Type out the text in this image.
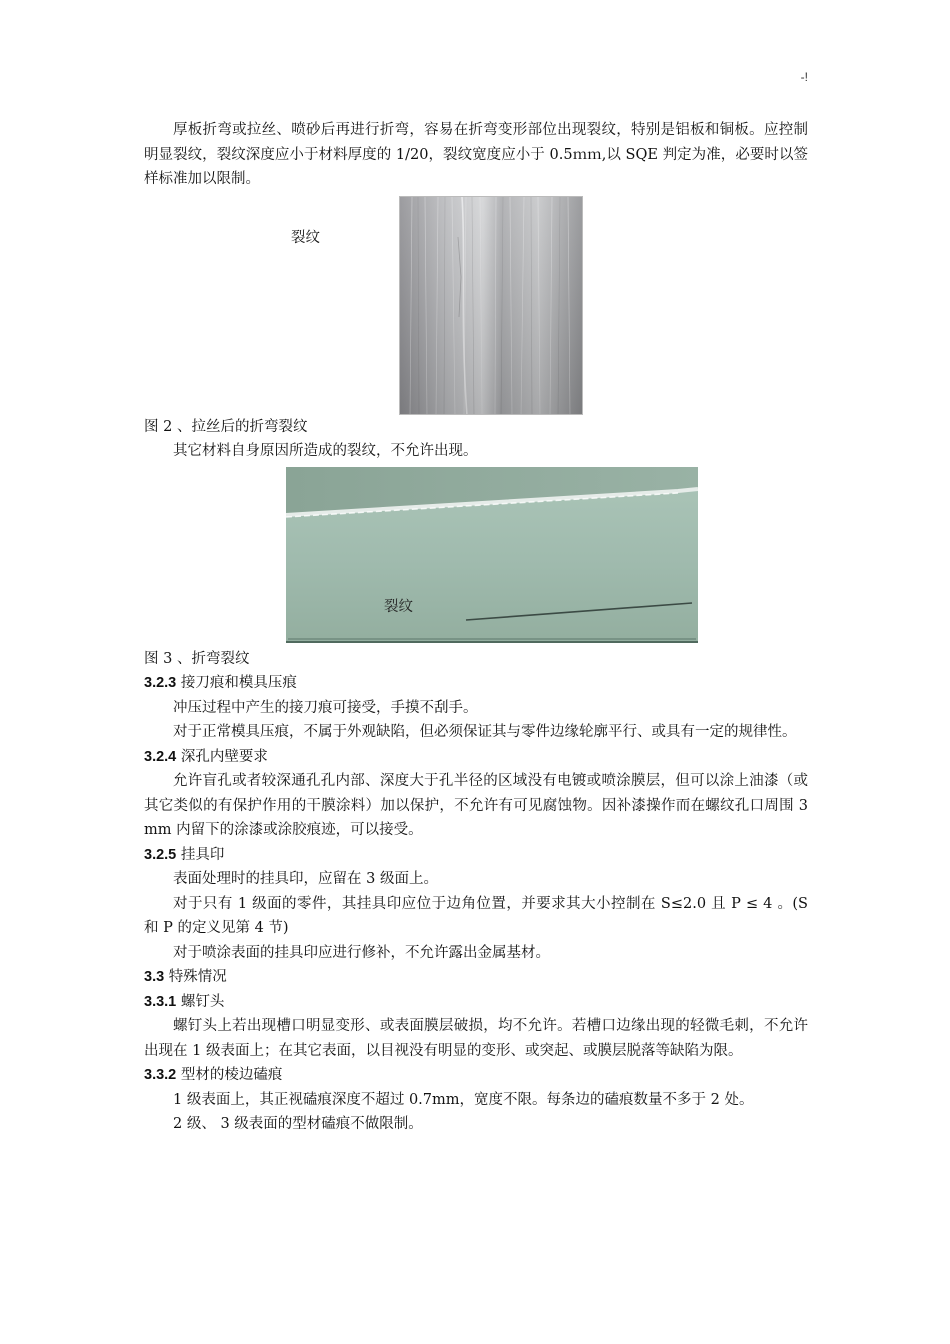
-!

厚板折弯或拉丝、喷砂后再进行折弯，容易在折弯变形部位出现裂纹，特别是铝板和铜板。应控制明显裂纹，裂纹深度应小于材料厚度的 1/20，裂纹宽度应小于 0.5ｍｍ,以 SQE 判定为准，必要时以签样标准加以限制。

裂纹

图 2 、拉丝后的折弯裂纹

其它材料自身原因所造成的裂纹，不允许出现。

裂纹

图 3 、折弯裂纹

3.2.3 接刀痕和模具压痕

冲压过程中产生的接刀痕可接受，手摸不刮手。

对于正常模具压痕，不属于外观缺陷，但必须保证其与零件边缘轮廓平行、或具有一定的规律性。

3.2.4 深孔内壁要求

允许盲孔或者较深通孔孔内部、深度大于孔半径的区域没有电镀或喷涂膜层，但可以涂上油漆（或其它类似的有保护作用的干膜涂料）加以保护，不允许有可见腐蚀物。因补漆操作而在螺纹孔口周围 3 mm 内留下的涂漆或涂胶痕迹，可以接受。

3.2.5 挂具印

表面处理时的挂具印，应留在 3 级面上。

对于只有 1 级面的零件，其挂具印应位于边角位置，并要求其大小控制在 S≤2.0 且 P ≤ 4 。(S 和 P 的定义见第 4 节)

对于喷涂表面的挂具印应进行修补，不允许露出金属基材。

3.3 特殊情况

3.3.1 螺钉头

螺钉头上若出现槽口明显变形、或表面膜层破损，均不允许。若槽口边缘出现的轻微毛刺，不允许出现在 1 级表面上；在其它表面，以目视没有明显的变形、或突起、或膜层脱落等缺陷为限。

3.3.2 型材的棱边磕痕

1 级表面上，其正视磕痕深度不超过 0.7mm，宽度不限。每条边的磕痕数量不多于 2 处。

2 级、 3 级表面的型材磕痕不做限制。
